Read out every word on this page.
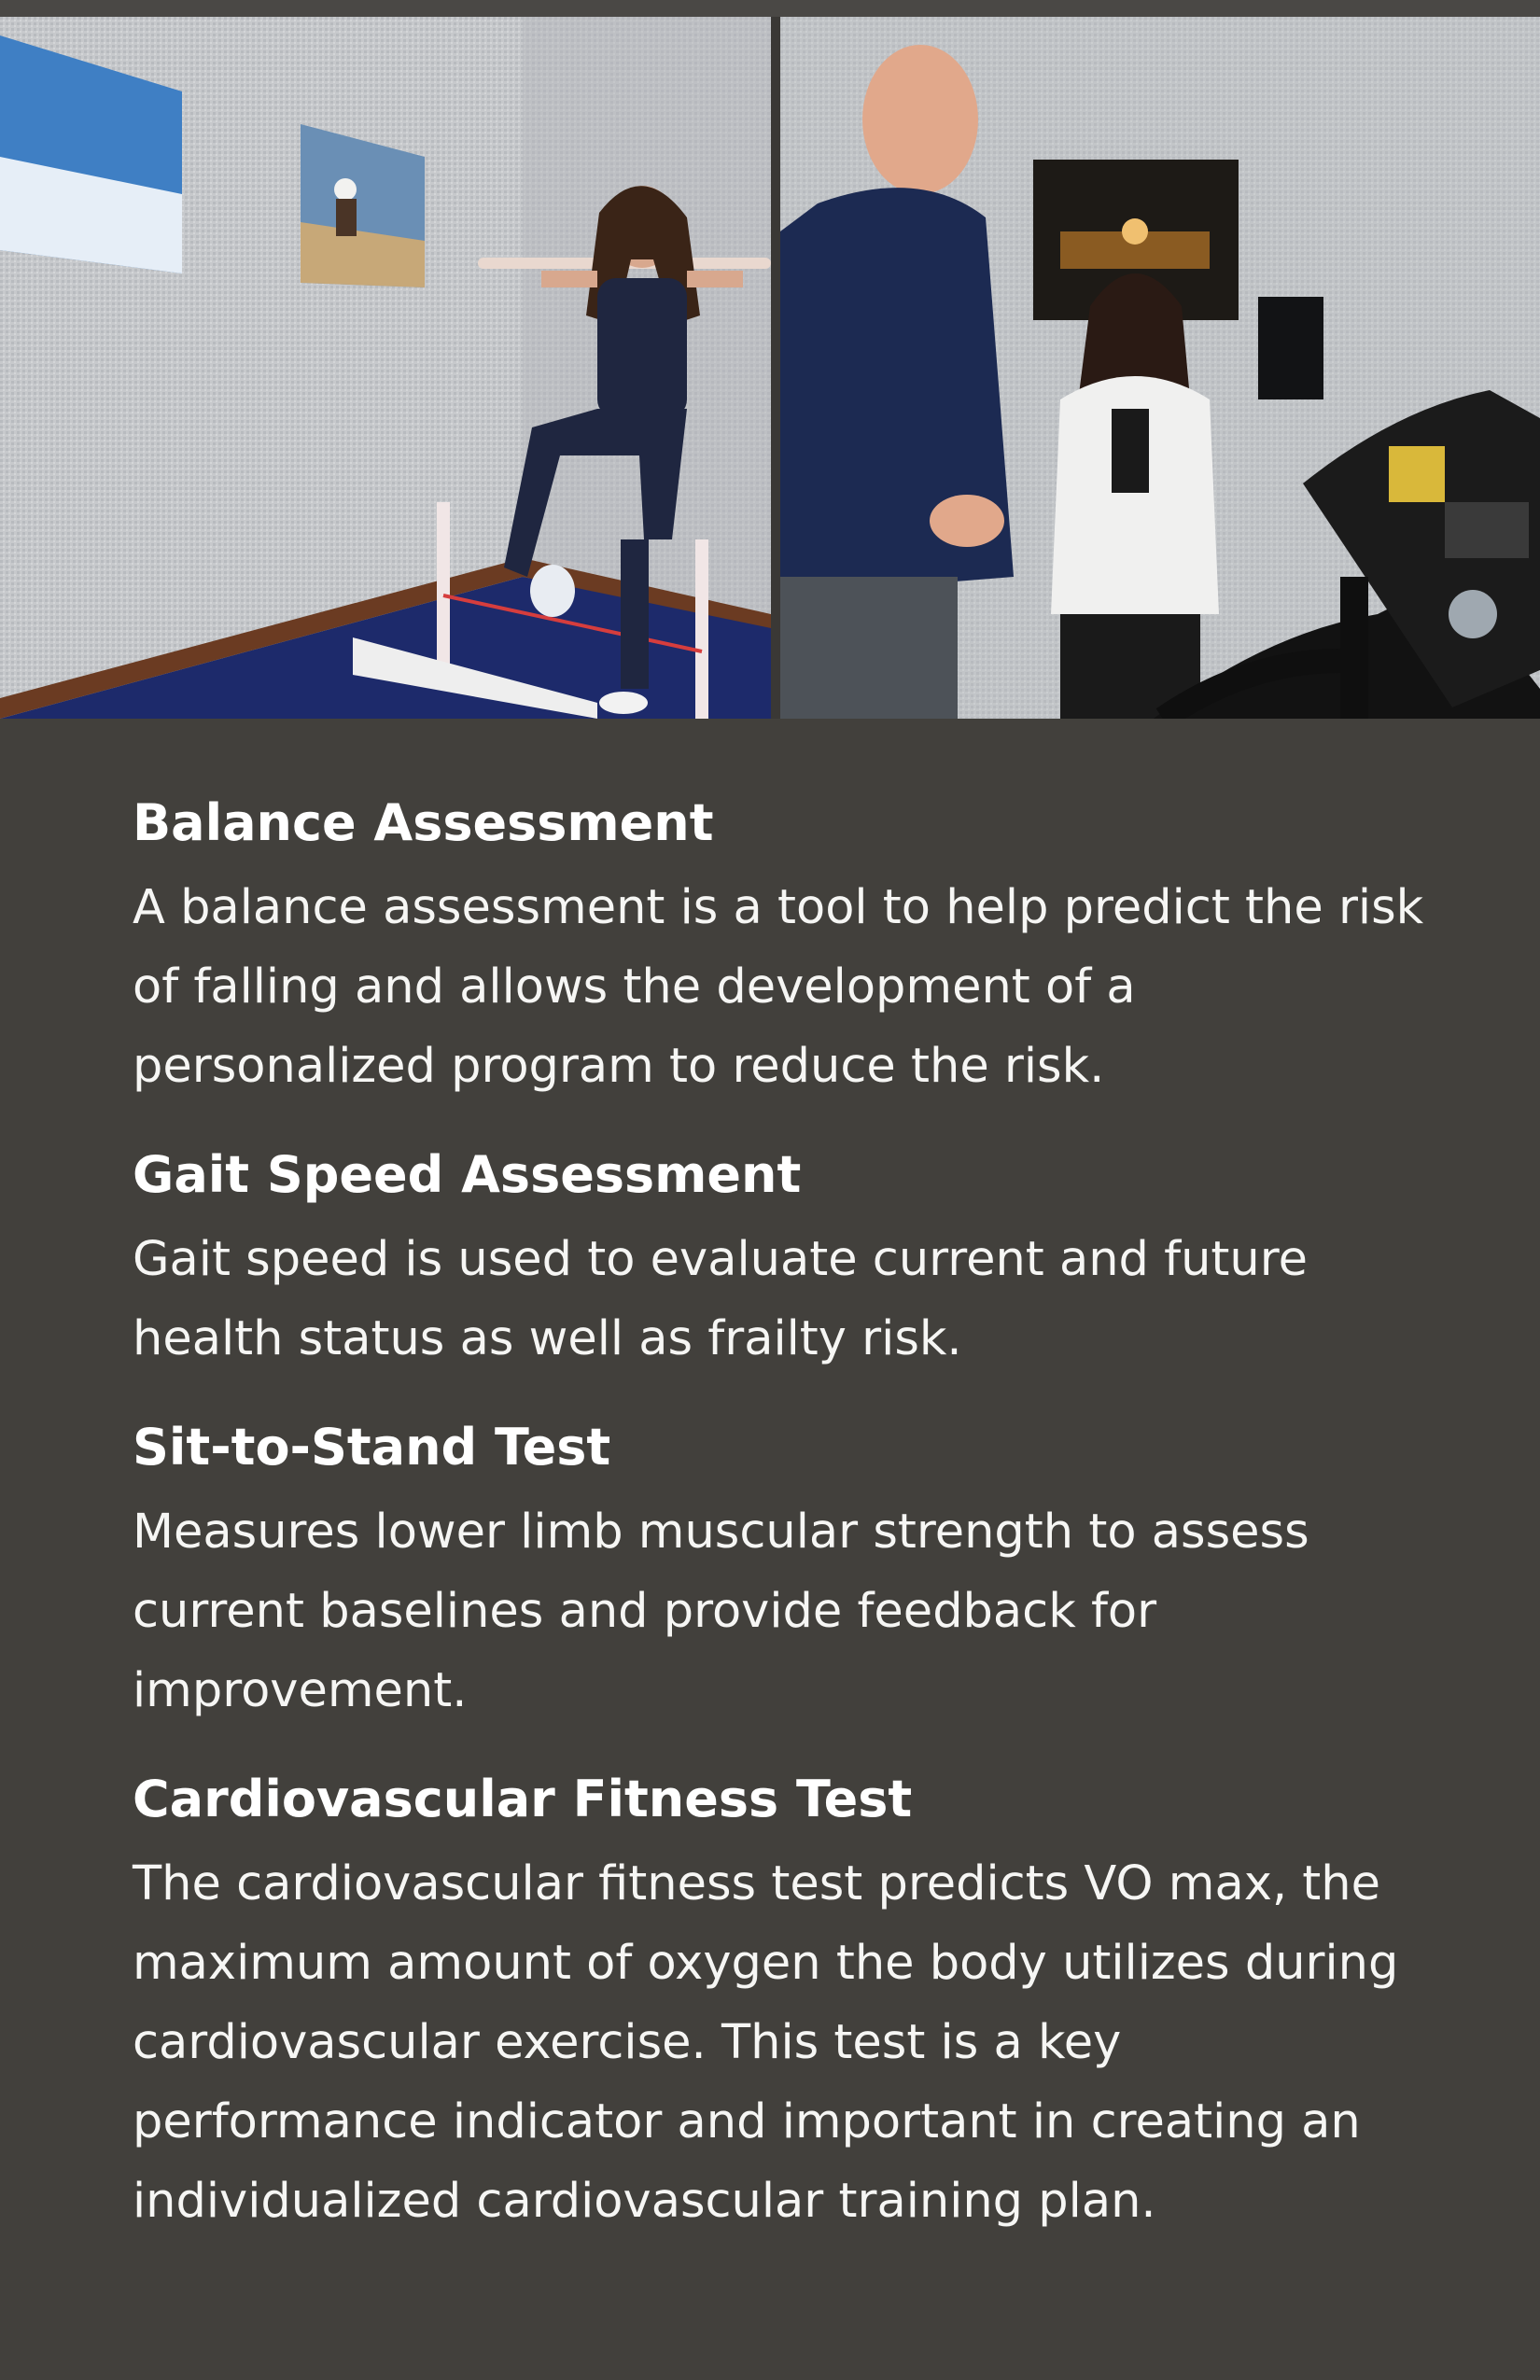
Balance Assessment

A balance assessment is a tool to help predict the risk of falling and allows the development of a personalized program to reduce the risk.

Gait Speed Assessment

Gait speed is used to evaluate current and future health status as well as frailty risk.

Sit-to-Stand Test

Measures lower limb muscular strength to assess current baselines and provide feedback for improvement.

Cardiovascular Fitness Test

The cardiovascular fitness test predicts VO max, the maximum amount of oxygen the body utilizes during cardiovascular exercise. This test is a key performance indicator and important in creating an individualized cardiovascular training plan.
